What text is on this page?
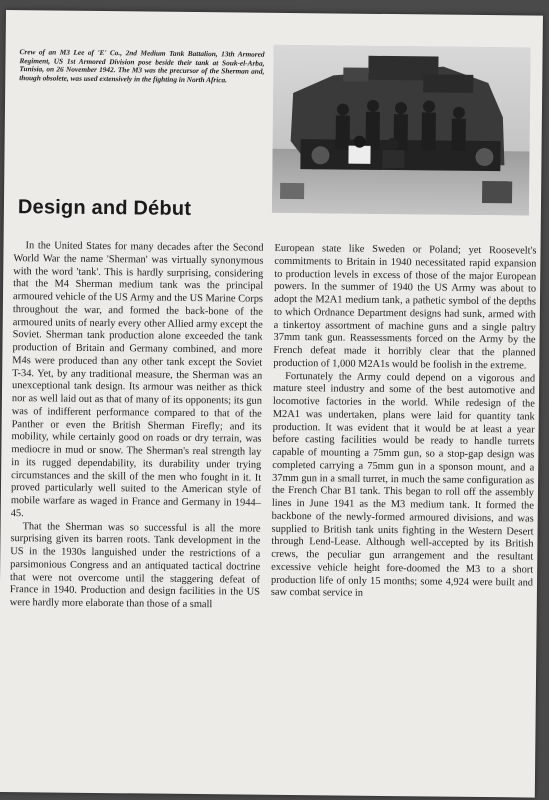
Crew of an M3 Lee of 'E' Co., 2nd Medium Tank Battalion, 13th Armored Regiment, US 1st Armored Division pose beside their tank at Souk-el-Arba, Tunisia, on 26 November 1942. The M3 was the precursor of the Sherman and, though obsolete, was used extensively in the fighting in North Africa.
Design and Début

In the United States for many decades after the Second World War the name 'Sherman' was virtually synonymous with the word 'tank'. This is hardly surprising, considering that the M4 Sherman medium tank was the principal armoured vehicle of the US Army and the US Marine Corps throughout the war, and formed the back-bone of the armoured units of nearly every other Allied army except the Soviet. Sherman tank production alone exceeded the tank production of Britain and Germany combined, and more M4s were produced than any other tank except the Soviet T-34. Yet, by any traditional measure, the Sherman was an unexceptional tank design. Its armour was neither as thick nor as well laid out as that of many of its opponents; its gun was of indifferent performance compared to that of the Panther or even the British Sherman Firefly; and its mobility, while certainly good on roads or dry terrain, was mediocre in mud or snow. The Sherman's real strength lay in its rugged dependability, its durability under trying circumstances and the skill of the men who fought in it. It proved particularly well suited to the American style of mobile warfare as waged in France and Germany in 1944–45.

That the Sherman was so successful is all the more surprising given its barren roots. Tank development in the US in the 1930s languished under the restrictions of a parsimonious Congress and an antiquated tactical doctrine that were not overcome until the staggering defeat of France in 1940. Production and design facilities in the US were hardly more elaborate than those of a small

European state like Sweden or Poland; yet Roosevelt's commitments to Britain in 1940 necessitated rapid expansion to production levels in excess of those of the major European powers. In the summer of 1940 the US Army was about to adopt the M2A1 medium tank, a pathetic symbol of the depths to which Ordnance Department designs had sunk, armed with a tinkertoy assortment of machine guns and a single paltry 37mm tank gun. Reassessments forced on the Army by the French defeat made it horribly clear that the planned production of 1,000 M2A1s would be foolish in the extreme.

Fortunately the Army could depend on a vigorous and mature steel industry and some of the best automotive and locomotive factories in the world. While redesign of the M2A1 was undertaken, plans were laid for quantity tank production. It was evident that it would be at least a year before casting facilities would be ready to handle turrets capable of mounting a 75mm gun, so a stop-gap design was completed carrying a 75mm gun in a sponson mount, and a 37mm gun in a small turret, in much the same configuration as the French Char B1 tank. This began to roll off the assembly lines in June 1941 as the M3 medium tank. It formed the backbone of the newly-formed armoured divisions, and was supplied to British tank units fighting in the Western Desert through Lend-Lease. Although well-accepted by its British crews, the peculiar gun arrangement and the resultant excessive vehicle height fore-doomed the M3 to a short production life of only 15 months; some 4,924 were built and saw combat service in
